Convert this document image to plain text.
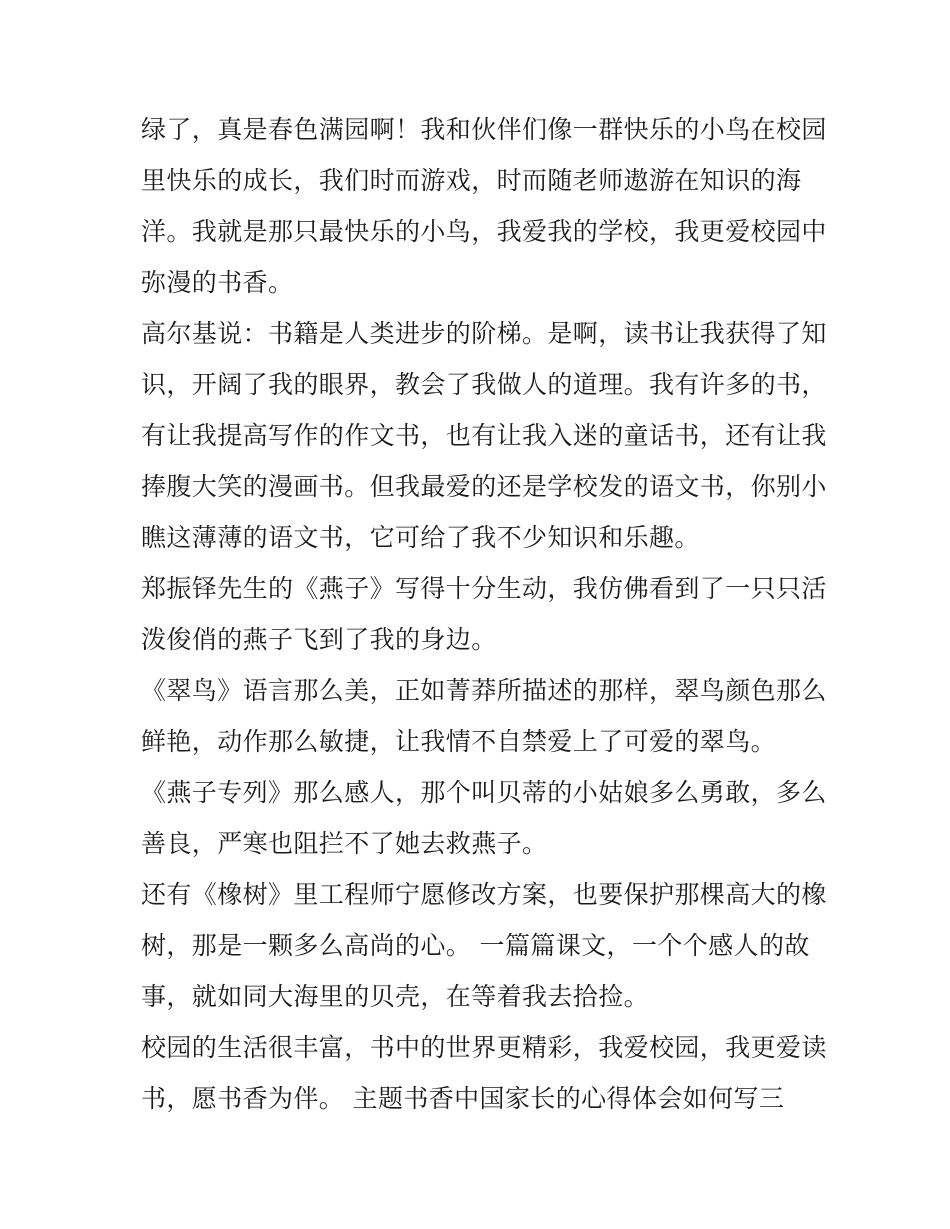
绿了，真是春色满园啊！我和伙伴们像一群快乐的小鸟在校园
里快乐的成长，我们时而游戏，时而随老师遨游在知识的海
洋。我就是那只最快乐的小鸟，我爱我的学校，我更爱校园中
弥漫的书香。
高尔基说：书籍是人类进步的阶梯。是啊，读书让我获得了知
识，开阔了我的眼界，教会了我做人的道理。我有许多的书，
有让我提高写作的作文书，也有让我入迷的童话书，还有让我
捧腹大笑的漫画书。但我最爱的还是学校发的语文书，你别小
瞧这薄薄的语文书，它可给了我不少知识和乐趣。
郑振铎先生的《燕子》写得十分生动，我仿佛看到了一只只活
泼俊俏的燕子飞到了我的身边。
《翠鸟》语言那么美，正如菁莽所描述的那样，翠鸟颜色那么
鲜艳，动作那么敏捷，让我情不自禁爱上了可爱的翠鸟。
《燕子专列》那么感人，那个叫贝蒂的小姑娘多么勇敢，多么
善良，严寒也阻拦不了她去救燕子。
还有《橡树》里工程师宁愿修改方案，也要保护那棵高大的橡
树，那是一颗多么高尚的心。 一篇篇课文，一个个感人的故
事，就如同大海里的贝壳，在等着我去拾捡。
校园的生活很丰富，书中的世界更精彩，我爱校园，我更爱读
书，愿书香为伴。 主题书香中国家长的心得体会如何写三
